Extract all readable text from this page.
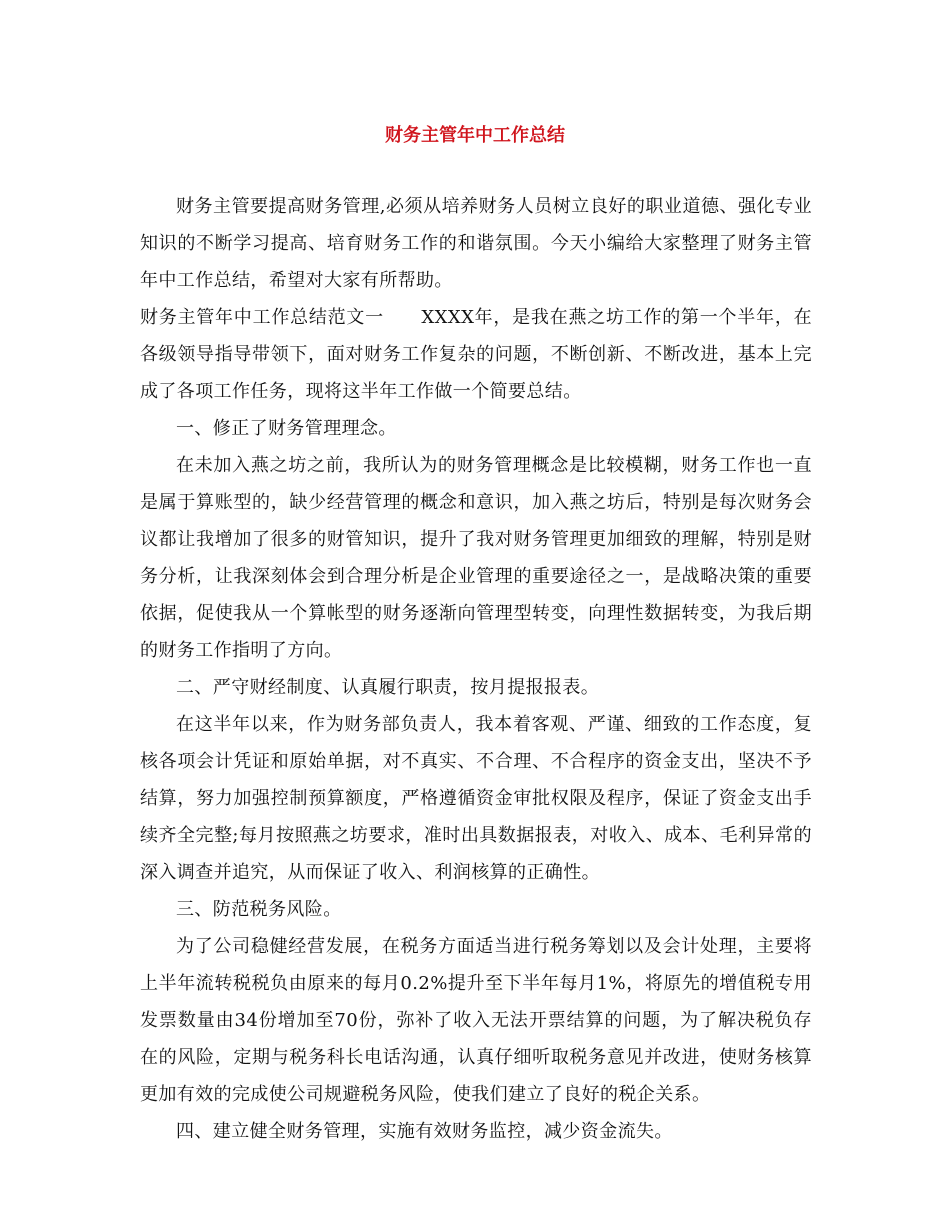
财务主管年中工作总结

财务主管要提高财务管理,必须从培养财务人员树立良好的职业道德、强化专业知识的不断学习提高、培育财务工作的和谐氛围。今天小编给大家整理了财务主管年中工作总结，希望对大家有所帮助。

财务主管年中工作总结范文一　　XXXX年，是我在燕之坊工作的第一个半年，在各级领导指导带领下，面对财务工作复杂的问题，不断创新、不断改进，基本上完成了各项工作任务，现将这半年工作做一个简要总结。

一、修正了财务管理理念。

在未加入燕之坊之前，我所认为的财务管理概念是比较模糊，财务工作也一直是属于算账型的，缺少经营管理的概念和意识，加入燕之坊后，特别是每次财务会议都让我增加了很多的财管知识，提升了我对财务管理更加细致的理解，特别是财务分析，让我深刻体会到合理分析是企业管理的重要途径之一，是战略决策的重要依据，促使我从一个算帐型的财务逐渐向管理型转变，向理性数据转变，为我后期的财务工作指明了方向。

二、严守财经制度、认真履行职责，按月提报报表。

在这半年以来，作为财务部负责人，我本着客观、严谨、细致的工作态度，复核各项会计凭证和原始单据，对不真实、不合理、不合程序的资金支出，坚决不予结算，努力加强控制预算额度，严格遵循资金审批权限及程序，保证了资金支出手续齐全完整;每月按照燕之坊要求，准时出具数据报表，对收入、成本、毛利异常的深入调查并追究，从而保证了收入、利润核算的正确性。

三、防范税务风险。

为了公司稳健经营发展，在税务方面适当进行税务筹划以及会计处理，主要将上半年流转税税负由原来的每月0.2%提升至下半年每月1%，将原先的增值税专用发票数量由34份增加至70份，弥补了收入无法开票结算的问题，为了解决税负存在的风险，定期与税务科长电话沟通，认真仔细听取税务意见并改进，使财务核算更加有效的完成使公司规避税务风险，使我们建立了良好的税企关系。

四、建立健全财务管理，实施有效财务监控，减少资金流失。
